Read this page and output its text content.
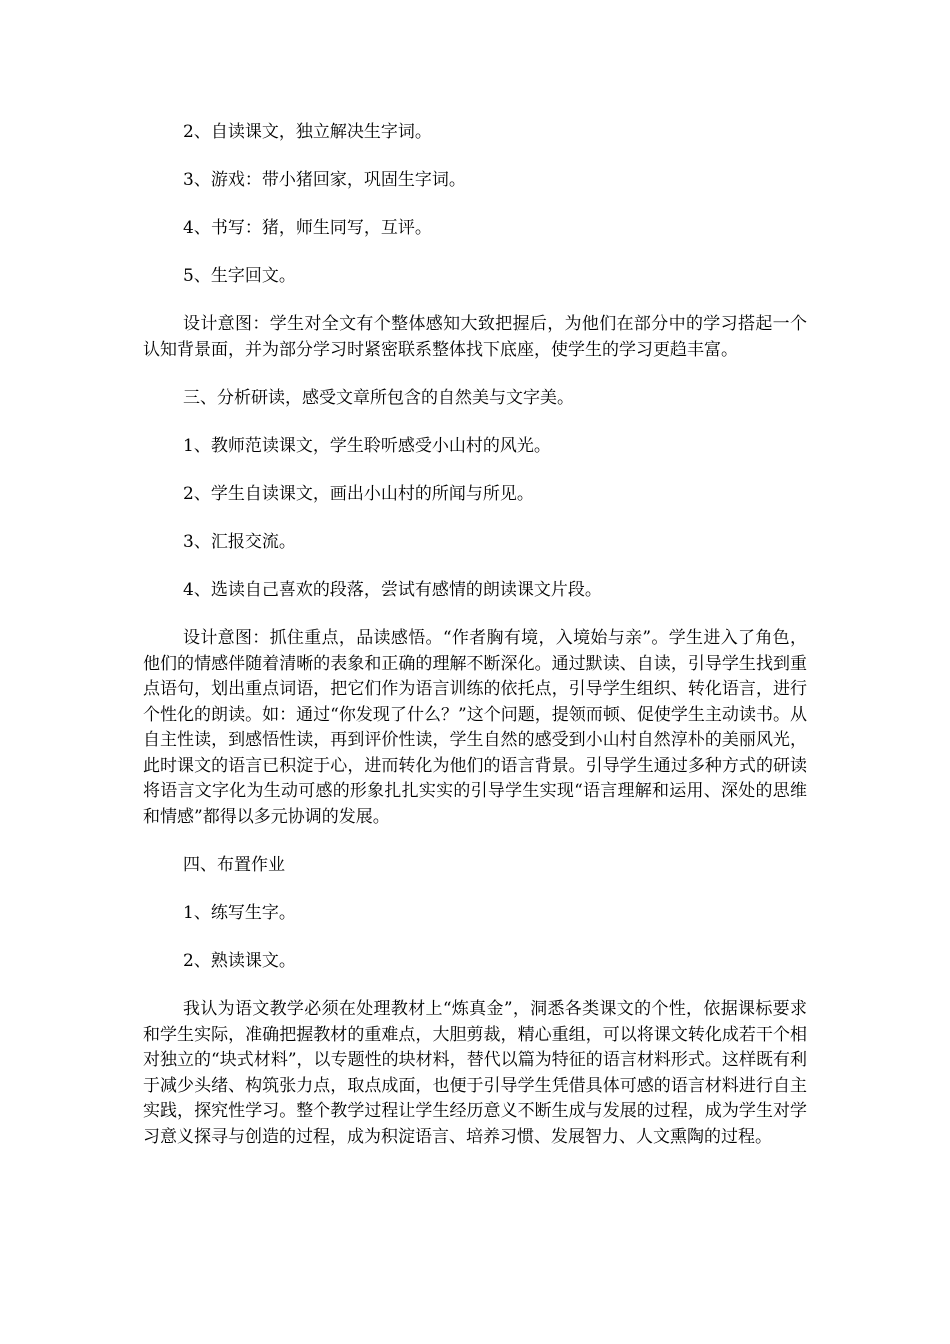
2、自读课文，独立解决生字词。

3、游戏：带小猪回家，巩固生字词。

4、书写：猪，师生同写，互评。

5、生字回文。

设计意图：学生对全文有个整体感知大致把握后，为他们在部分中的学习搭起一个认知背景面，并为部分学习时紧密联系整体找下底座，使学生的学习更趋丰富。

三、分析研读，感受文章所包含的自然美与文字美。

1、教师范读课文，学生聆听感受小山村的风光。

2、学生自读课文，画出小山村的所闻与所见。

3、汇报交流。

4、选读自己喜欢的段落，尝试有感情的朗读课文片段。

设计意图：抓住重点，品读感悟。“作者胸有境，入境始与亲”。学生进入了角色，他们的情感伴随着清晰的表象和正确的理解不断深化。通过默读、自读，引导学生找到重点语句，划出重点词语，把它们作为语言训练的依托点，引导学生组织、转化语言，进行个性化的朗读。如：通过“你发现了什么？”这个问题，提领而顿、促使学生主动读书。从自主性读，到感悟性读，再到评价性读，学生自然的感受到小山村自然淳朴的美丽风光，此时课文的语言已积淀于心，进而转化为他们的语言背景。引导学生通过多种方式的研读将语言文字化为生动可感的形象扎扎实实的引导学生实现“语言理解和运用、深处的思维和情感”都得以多元协调的发展。

四、布置作业

1、练写生字。

2、熟读课文。

我认为语文教学必须在处理教材上“炼真金”，洞悉各类课文的个性，依据课标要求和学生实际，准确把握教材的重难点，大胆剪裁，精心重组，可以将课文转化成若干个相对独立的“块式材料”，以专题性的块材料，替代以篇为特征的语言材料形式。这样既有利于减少头绪、构筑张力点，取点成面，也便于引导学生凭借具体可感的语言材料进行自主实践，探究性学习。整个教学过程让学生经历意义不断生成与发展的过程，成为学生对学习意义探寻与创造的过程，成为积淀语言、培养习惯、发展智力、人文熏陶的过程。
